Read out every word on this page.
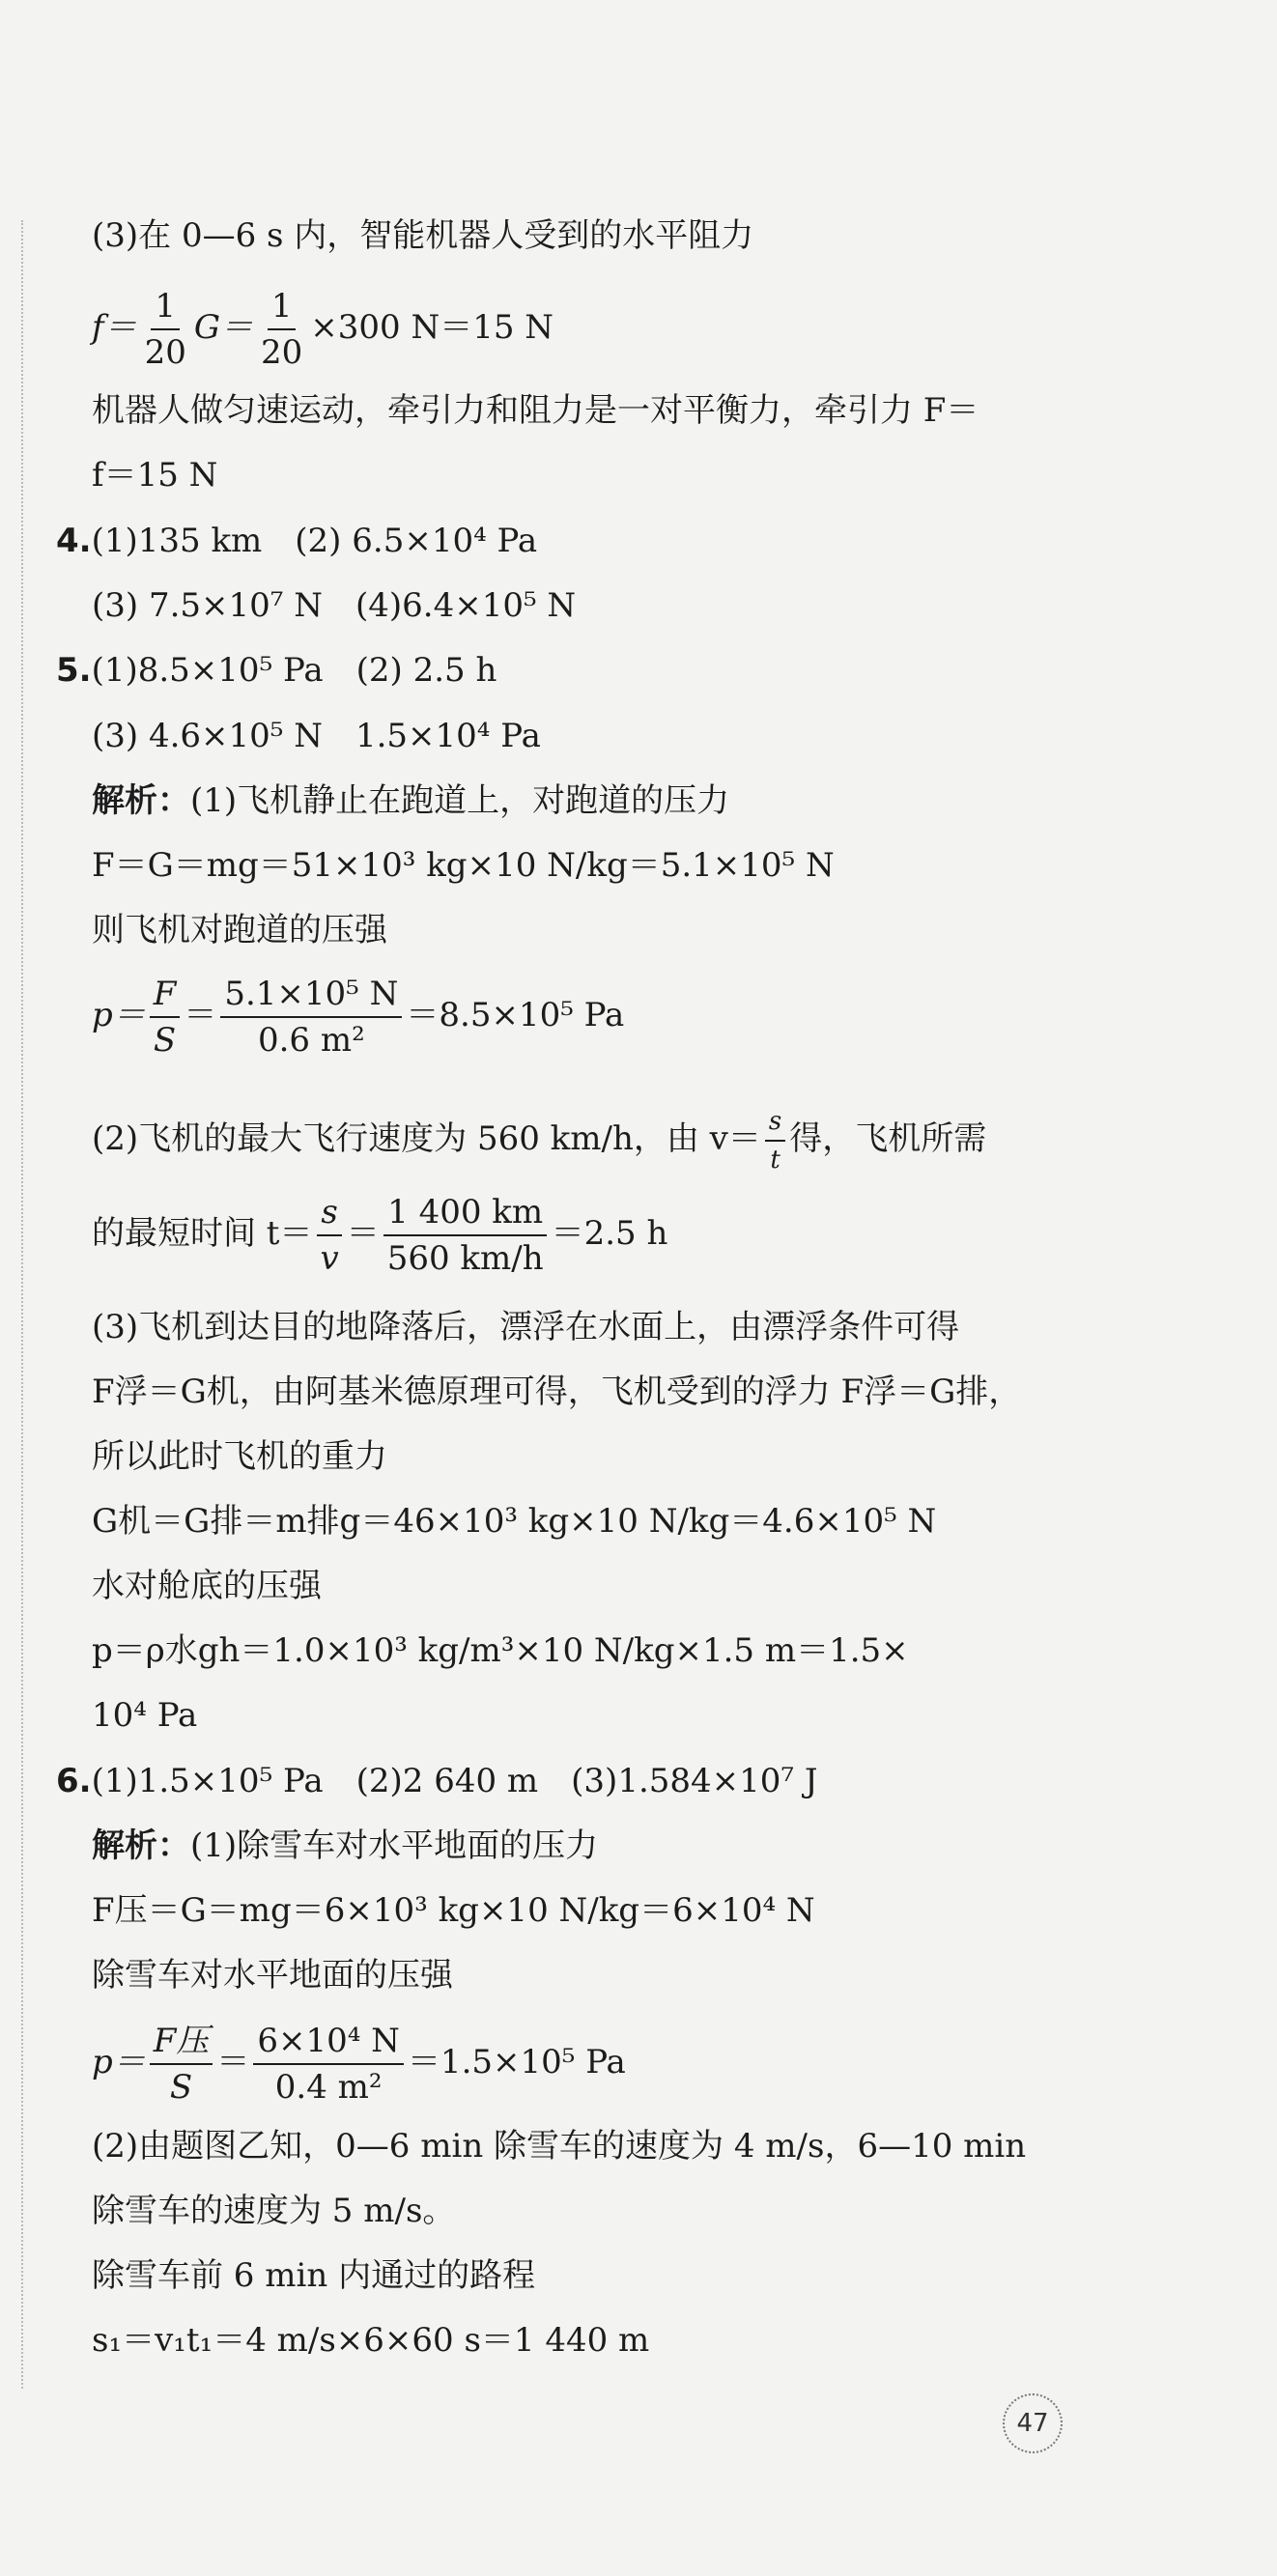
(3)在 0—6 s 内，智能机器人受到的水平阻力
$f= \frac{1}{20} G= \frac{1}{20} \times 300$ N＝15 N
机器人做匀速运动，牵引力和阻力是一对平衡力，牵引力 F＝
f＝15 N
4.(1)135 km　(2) 6.5×10⁴ Pa
(3) 7.5×10⁷ N　(4)6.4×10⁵ N
5.(1)8.5×10⁵ Pa　(2) 2.5 h
(3) 4.6×10⁵ N　1.5×10⁴ Pa
解析：(1)飞机静止在跑道上，对跑道的压力
F＝G＝mg＝51×10³ kg×10 N/kg＝5.1×10⁵ N
则飞机对跑道的压强
$p= \frac{F}{S} = \frac{\text{5.1×10⁵ N}}{\text{0.6 m²}} =8.5\times 10^5$ Pa
(2)飞机的最大飞行速度为 560 km/h，由 $v= \frac{s}{t}$ 得，飞机所需
的最短时间 $t= \frac{s}{v} = \frac{1 400 km}{560 km/h} =2.5$ h
(3)飞机到达目的地降落后，漂浮在水面上，由漂浮条件可得
F浮＝G机，由阿基米德原理可得，飞机受到的浮力 F浮＝G排，
所以此时飞机的重力
G机＝G排＝m排g＝46×10³ kg×10 N/kg＝4.6×10⁵ N
水对舱底的压强
p＝ρ水gh＝1.0×10³ kg/m³×10 N/kg×1.5 m＝1.5×
10⁴ Pa
6.(1)1.5×10⁵ Pa　(2)2 640 m　(3)1.584×10⁷ J
解析：(1)除雪车对水平地面的压力
F压＝G＝mg＝6×10³ kg×10 N/kg＝6×10⁴ N
除雪车对水平地面的压强
$p= \frac{\text{F压}}{S} = \frac{\text{6×10⁴ N}}{\text{0.4 m²}} =1.5\times 10^5$ Pa
(2)由题图乙知，0—6 min 除雪车的速度为 4 m/s，6—10 min
除雪车的速度为 5 m/s。
除雪车前 6 min 内通过的路程
s₁＝v₁t₁＝4 m/s×6×60 s＝1 440 m
47
